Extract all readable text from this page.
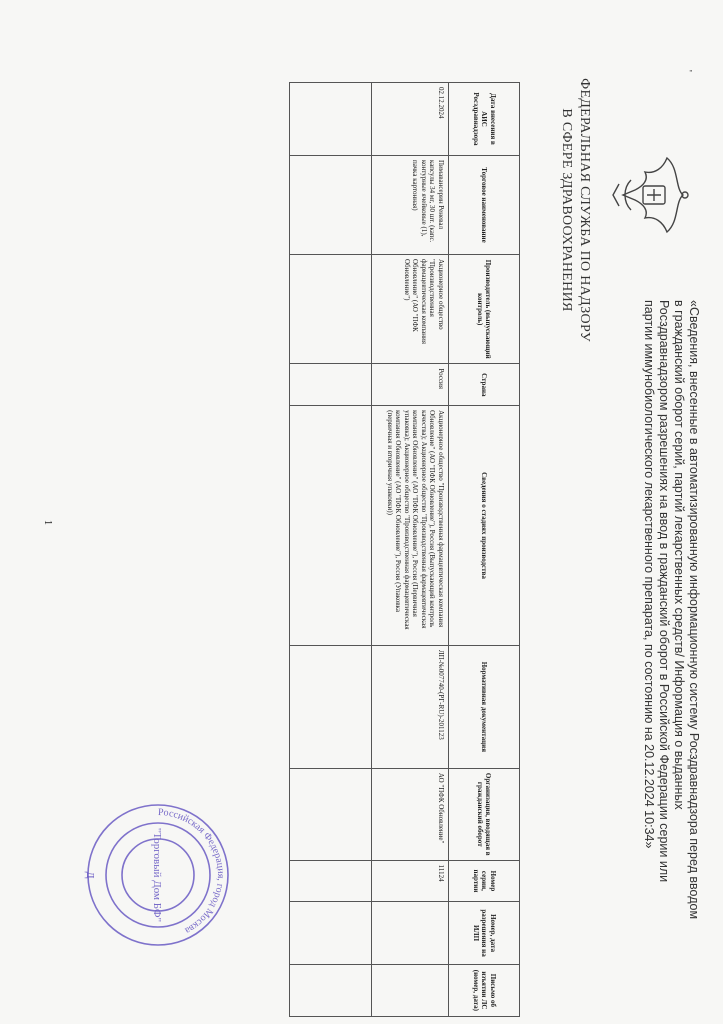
'
ФЕДЕРАЛЬНАЯ СЛУЖБА ПО НАДЗОРУ
В СФЕРЕ ЗДРАВООХРАНЕНИЯ
«Сведения, внесенные в автоматизированную информационную систему Росздравнадзора перед вводом в гражданский оборот серий, партий лекарственных средств/ Информация о выданных Росздравнадзором разрешениях на ввод в гражданский оборот в Российской Федерации серии или партии иммунобиологического лекарственного препарата, по состоянию на 20.12.2024 10:34»
Дата внесения в АИС Росздравнадзора	Торговое наименование	Производитель (выпускающий контроль)	Страна	Сведения о стадиях производства	Нормативная документация	Организация, вводящая в гражданский оборот	Номер серии, партии	Номер, дата разрешения на ИЛП	Письмо об изъятии ЛС (номер, дата)
02.12.2024	Пимавансерин Реневал капсулы 34 мг, 30 шт. (капс. контурные ячейковые (1), пачка картонная)	Акционерное общество "Производственная фармацевтическая компания Обновление" (АО "ПФК Обновление")	Россия	Акционерное общество "Производственная фармацевтическая компания Обновление" (АО "ПФК Обновление"), Россия (Выпускающий контроль качества); Акционерное общество "Производственная фармацевтическая компания Обновление" (АО "ПФК Обновление"), Россия (Первичная упаковка); Акционерное общество "Производственная фармацевтическая компания Обновление" (АО "ПФК Обновление"), Россия (Упаковка (первичная и вторичная упаковки))	ЛП-№007740-(РГ-RU)-201123	АО "ПФК Обновление"	11124		

1
Российская Федерация, город Москва
"Торговый Дом БФ"
Д
